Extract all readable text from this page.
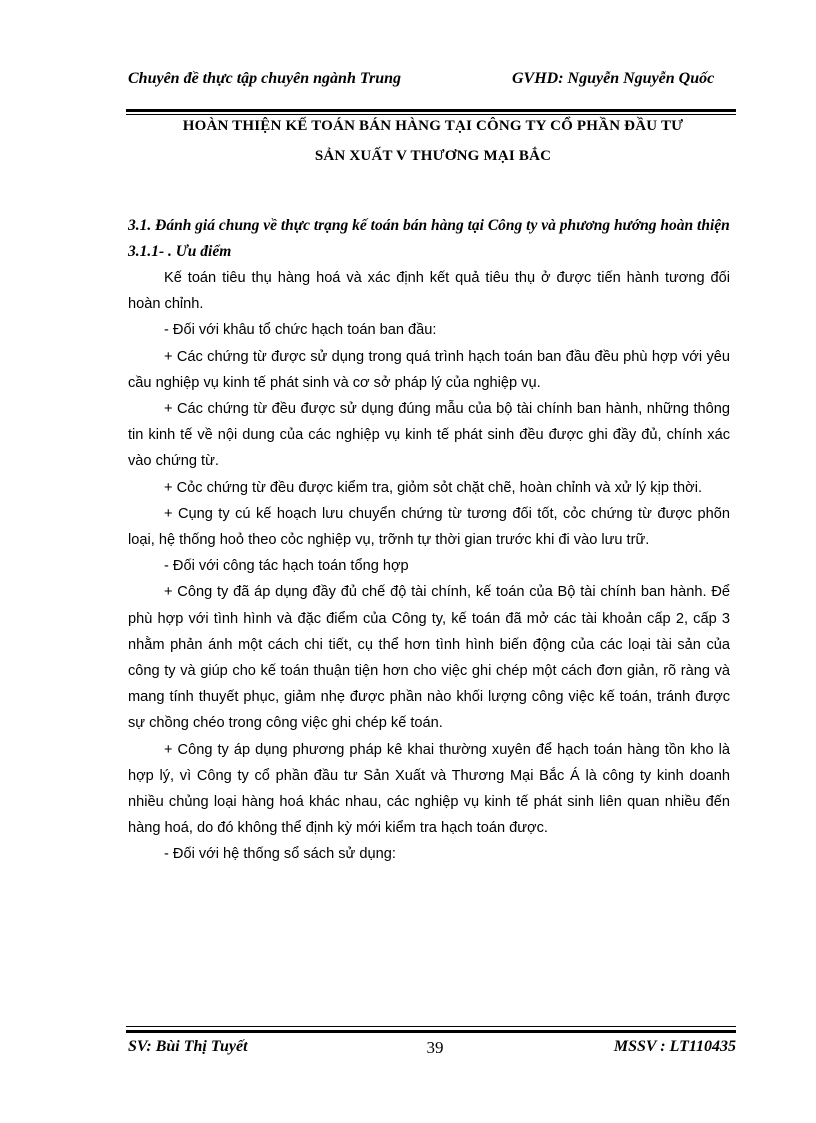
Chuyên đề thực tập chuyên ngành Trung	GVHD: Nguyễn Nguyễn Quốc
HOÀN THIỆN KẾ TOÁN BÁN HÀNG TẠI CÔNG TY CỔ PHẦN ĐẦU TƯ
SẢN XUẤT V THƯƠNG MẠI BẮC

3.1. Đánh giá chung về thực trạng kế toán bán hàng tại Công ty và phương hướng hoàn thiện

3.1.1- . Ưu điểm

Kế toán tiêu thụ hàng hoá và xác định kết quả tiêu thụ ở được tiến hành tương đối hoàn chỉnh.

- Đối với khâu tổ chức hạch toán ban đầu:

+ Các chứng từ được sử dụng trong quá trình hạch toán ban đầu đều phù hợp với yêu cầu nghiệp vụ kinh tế phát sinh và cơ sở pháp lý của nghiệp vụ.

+ Các chứng từ đều được sử dụng đúng mẫu của bộ tài chính ban hành, những thông tin kinh tế về nội dung của các nghiệp vụ kinh tế phát sinh đều được ghi đầy đủ, chính xác vào chứng từ.

+ Cỏc chứng từ đều được kiểm tra, giỏm sỏt chặt chẽ, hoàn chỉnh và xử lý kịp thời.

+ Cụng ty cú kế hoạch lưu chuyển chứng từ tương đối tốt, cỏc chứng từ được phõn loại, hệ thống hoỏ theo cỏc nghiệp vụ, trỡnh tự thời gian trước khi đi vào lưu trữ.

- Đối với công tác hạch toán tổng hợp

+ Công ty đã áp dụng đầy đủ chế độ tài chính, kế toán của Bộ tài chính ban hành. Để phù hợp với tình hình và đặc điểm của Công ty, kế toán đã mở các tài khoản cấp 2, cấp 3 nhằm phản ánh một cách chi tiết, cụ thể hơn tình hình biến động của các loại tài sản của công ty và giúp cho kế toán thuận tiện hơn cho việc ghi chép một cách đơn giản, rõ ràng và mang tính thuyết phục, giảm nhẹ được phần nào khối lượng công việc kế toán, tránh được sự chồng chéo trong công việc ghi chép kế toán.

+ Công ty áp dụng phương pháp kê khai thường xuyên để hạch toán hàng tồn kho là hợp lý, vì Công ty cổ phần đầu tư Sản Xuất và Thương Mại Bắc Á là công ty kinh doanh nhiều chủng loại hàng hoá khác nhau, các nghiệp vụ kinh tế phát sinh liên quan nhiều đến hàng hoá, do đó không thể định kỳ mới kiểm tra hạch toán được.

- Đối với hệ thống sổ sách sử dụng:

SV: Bùi Thị Tuyết	39	MSSV : LT110435
